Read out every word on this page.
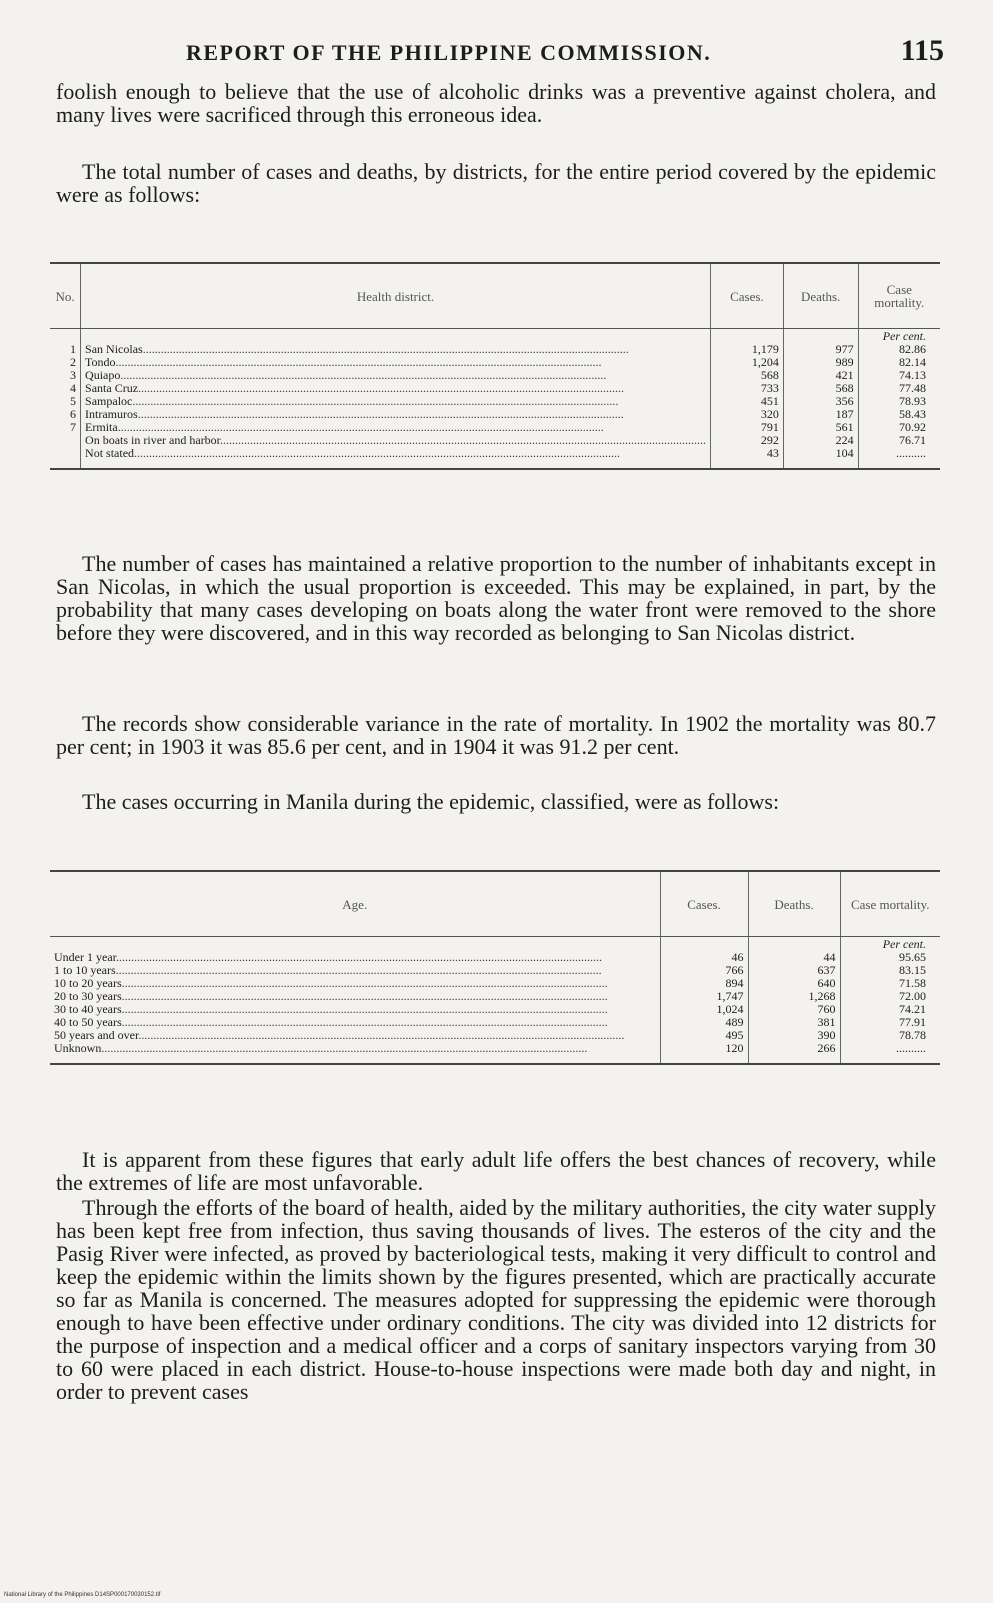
REPORT OF THE PHILIPPINE COMMISSION.	115

foolish enough to believe that the use of alcoholic drinks was a preventive against cholera, and many lives were sacrificed through this erroneous idea.

The total number of cases and deaths, by districts, for the entire period covered by the epidemic were as follows:

No.	Health district.	Cases.	Deaths.	Case mortality.
				Per cent.
1	San Nicolas .....	1,179	977	82.86
2	Tondo .....	1,204	989	82.14
3	Quiapo .....	568	421	74.13
4	Santa Cruz .....	733	568	77.48
5	Sampaloc .....	451	356	78.93
6	Intramuros .....	320	187	58.43
7	Ermita .....	791	561	70.92

	On boats in river and harbor .....	292	224	76.71

	Not stated .....	43	104	..........

The number of cases has maintained a relative proportion to the number of inhabitants except in San Nicolas, in which the usual proportion is exceeded. This may be explained, in part, by the probability that many cases developing on boats along the water front were removed to the shore before they were discovered, and in this way recorded as belonging to San Nicolas district.

The records show considerable variance in the rate of mortality. In 1902 the mortality was 80.7 per cent; in 1903 it was 85.6 per cent, and in 1904 it was 91.2 per cent.

The cases occurring in Manila during the epidemic, classified, were as follows:

Age.	Cases.	Deaths.	Case mortality.
			Per cent.

Under 1 year .....	46	44	95.65

1 to 10 years .....	766	637	83.15

10 to 20 years .....	894	640	71.58

20 to 30 years .....	1,747	1,268	72.00

30 to 40 years .....	1,024	760	74.21

40 to 50 years .....	489	381	77.91

50 years and over .....	495	390	78.78

Unknown .....	120	266	..........

It is apparent from these figures that early adult life offers the best chances of recovery, while the extremes of life are most unfavorable.

Through the efforts of the board of health, aided by the military authorities, the city water supply has been kept free from infection, thus saving thousands of lives. The esteros of the city and the Pasig River were infected, as proved by bacteriological tests, making it very difficult to control and keep the epidemic within the limits shown by the figures presented, which are practically accurate so far as Manila is concerned. The measures adopted for suppressing the epidemic were thorough enough to have been effective under ordinary conditions. The city was divided into 12 districts for the purpose of inspection and a medical officer and a corps of sanitary inspectors varying from 30 to 60 were placed in each district. House-to-house inspections were made both day and night, in order to prevent cases

National Library of the Philippines D14SP000170030152.tif
